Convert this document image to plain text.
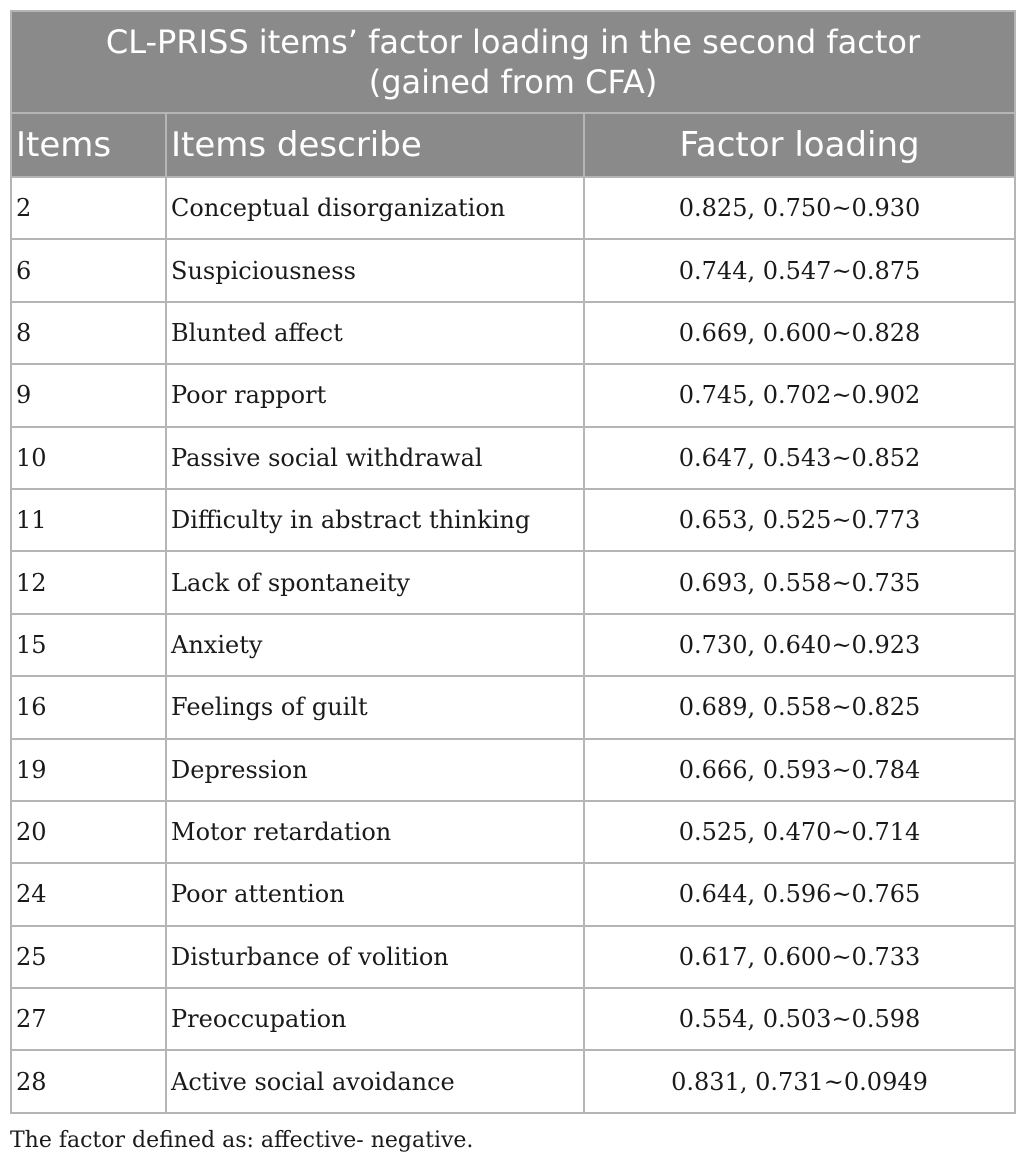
CL-PRISS items’ factor loading in the second factor
(gained from CFA)		

Items	Items describe	Factor loading
2	Conceptual disorganization	0.825, 0.750~0.930
6	Suspiciousness	0.744, 0.547~0.875
8	Blunted affect	0.669, 0.600~0.828
9	Poor rapport	0.745, 0.702~0.902
10	Passive social withdrawal	0.647, 0.543~0.852
11	Difficulty in abstract thinking	0.653, 0.525~0.773
12	Lack of spontaneity	0.693, 0.558~0.735
15	Anxiety	0.730, 0.640~0.923
16	Feelings of guilt	0.689, 0.558~0.825
19	Depression	0.666, 0.593~0.784
20	Motor retardation	0.525, 0.470~0.714
24	Poor attention	0.644, 0.596~0.765
25	Disturbance of volition	0.617, 0.600~0.733
27	Preoccupation	0.554, 0.503~0.598
28	Active social avoidance	0.831, 0.731~0.0949
The factor defined as: affective- negative.
